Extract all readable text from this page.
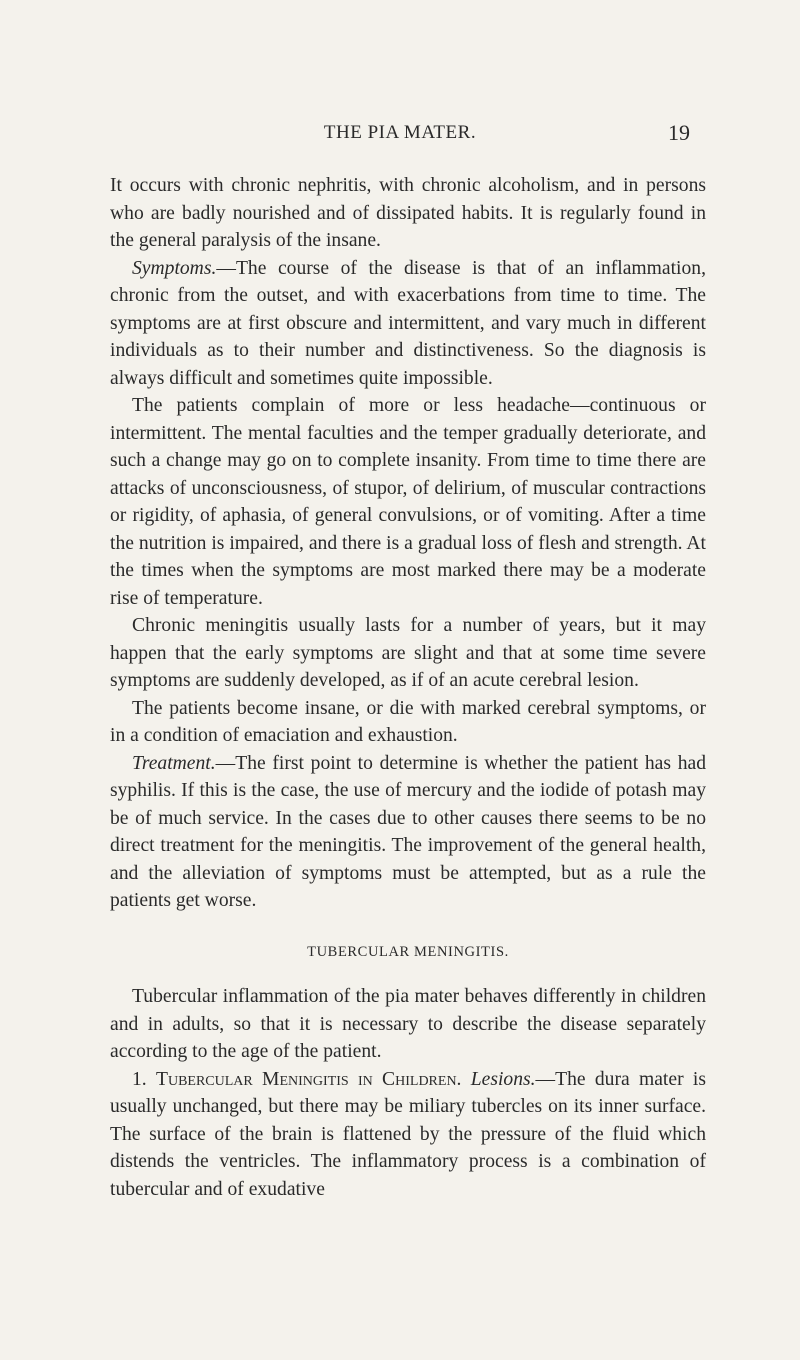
THE PIA MATER.	19

It occurs with chronic nephritis, with chronic alcoholism, and in persons who are badly nourished and of dissipated habits. It is regularly found in the general paralysis of the insane.

Symptoms.—The course of the disease is that of an inflammation, chronic from the outset, and with exacerbations from time to time. The symptoms are at first obscure and intermittent, and vary much in different individuals as to their number and distinctiveness. So the diagnosis is always difficult and sometimes quite impossible.

The patients complain of more or less headache—continuous or intermittent. The mental faculties and the temper gradually deteriorate, and such a change may go on to complete insanity. From time to time there are attacks of unconsciousness, of stupor, of delirium, of muscular contractions or rigidity, of aphasia, of general convulsions, or of vomiting. After a time the nutrition is impaired, and there is a gradual loss of flesh and strength. At the times when the symptoms are most marked there may be a moderate rise of temperature.

Chronic meningitis usually lasts for a number of years, but it may happen that the early symptoms are slight and that at some time severe symptoms are suddenly developed, as if of an acute cerebral lesion.

The patients become insane, or die with marked cerebral symptoms, or in a condition of emaciation and exhaustion.

Treatment.—The first point to determine is whether the patient has had syphilis. If this is the case, the use of mercury and the iodide of potash may be of much service. In the cases due to other causes there seems to be no direct treatment for the meningitis. The improvement of the general health, and the alleviation of symptoms must be attempted, but as a rule the patients get worse.

TUBERCULAR MENINGITIS.

Tubercular inflammation of the pia mater behaves differently in children and in adults, so that it is necessary to describe the disease separately according to the age of the patient.

1. Tubercular Meningitis in Children. Lesions.—The dura mater is usually unchanged, but there may be miliary tubercles on its inner surface. The surface of the brain is flattened by the pressure of the fluid which distends the ventricles. The inflammatory process is a combination of tubercular and of exudative
